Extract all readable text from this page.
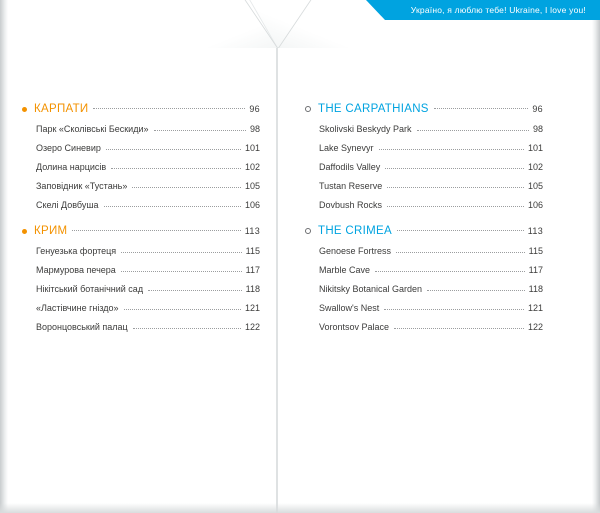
Україно, я люблю тебе! Ukraine, I love you!
КАРПАТИ	96
Парк «Сколівські Бескиди»	98
Озеро Синевир	101
Долина нарцисів	102
Заповідник «Тустань»	105
Скелі Довбуша	106
КРИМ	113
Генуезька фортеця	115
Мармурова печера	117
Нікітський ботанічний сад	118
«Ластівчине гніздо»	121
Воронцовський палац	122
THE CARPATHIANS	96
Skolivski Beskydy Park	98
Lake Synevyr	101
Daffodils Valley	102
Tustan Reserve	105
Dovbush Rocks	106
THE CRIMEA	113
Genoese Fortress	115
Marble Cave	117
Nikitsky Botanical Garden	118
Swallow's Nest	121
Vorontsov Palace	122
